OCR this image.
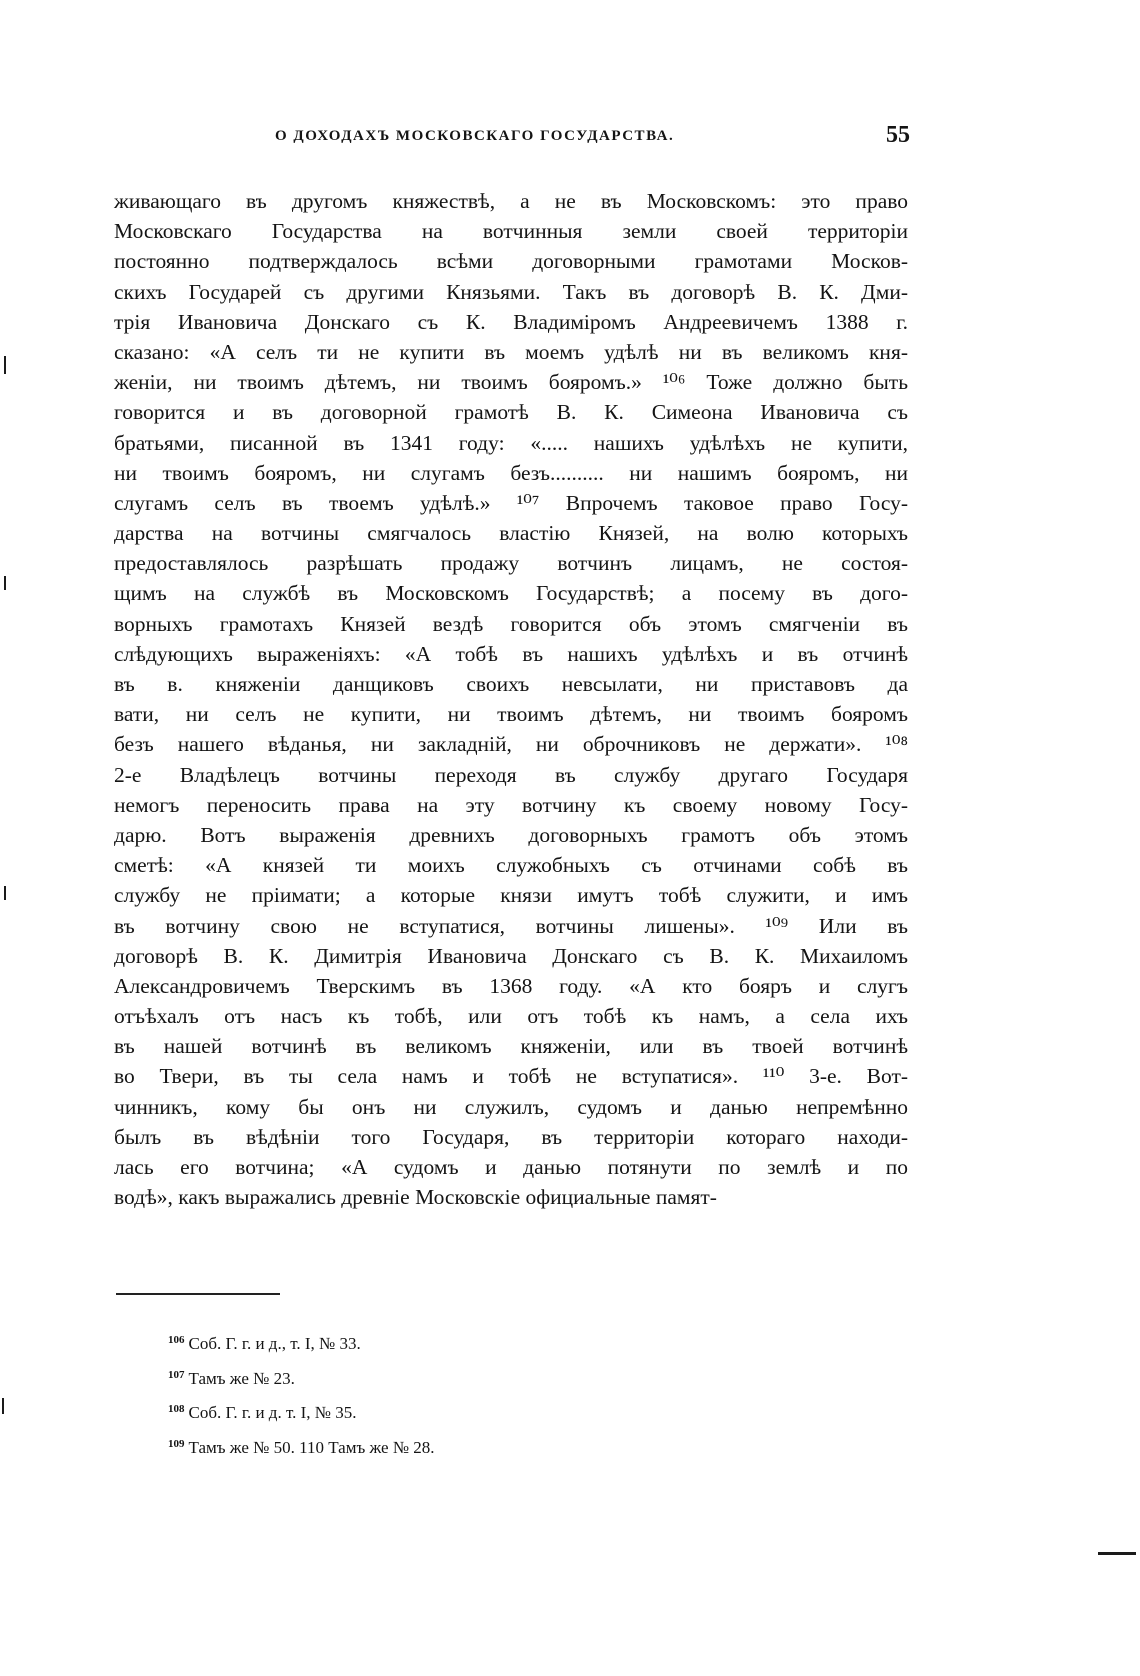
О ДОХОДАХЪ МОСКОВСКАГО ГОСУДАРСТВА.	55
живающаго въ другомъ княжествѣ, а не въ Московскомъ: это право
Московскаго Государства на вотчинныя земли своей территоріи
постоянно подтверждалось всѣми договорными грамотами Москов-
скихъ Государей съ другими Князьями. Такъ въ договорѣ В. К. Дми-
трія Ивановича Донскаго съ К. Владиміромъ Андреевичемъ 1388 г.
сказано: «А селъ ти не купити въ моемъ удѣлѣ ни въ великомъ кня-
женіи, ни твоимъ дѣтемъ, ни твоимъ бояромъ.» ¹⁰⁶ Тоже должно быть
говорится и въ договорной грамотѣ В. К. Симеона Ивановича съ
братьями, писанной въ 1341 году: «..... нашихъ удѣлѣхъ не купити,
ни твоимъ бояромъ, ни слугамъ безъ.......... ни нашимъ бояромъ, ни
слугамъ селъ въ твоемъ удѣлѣ.» ¹⁰⁷ Впрочемъ таковое право Госу-
дарства на вотчины смягчалось властію Князей, на волю которыхъ
предоставлялось разрѣшать продажу вотчинъ лицамъ, не состоя-
щимъ на службѣ въ Московскомъ Государствѣ; а посему въ дого-
ворныхъ грамотахъ Князей вездѣ говорится объ этомъ смягченіи въ
слѣдующихъ выраженіяхъ: «А тобѣ въ нашихъ удѣлѣхъ и въ отчинѣ
въ в. княженіи данщиковъ своихъ невсылати, ни приставовъ да
вати, ни селъ не купити, ни твоимъ дѣтемъ, ни твоимъ бояромъ
безъ нашего вѣданья, ни закладній, ни оброчниковъ не держати». ¹⁰⁸
2-е Владѣлецъ вотчины переходя въ службу другаго Государя
немогъ переносить права на эту вотчину къ своему новому Госу-
дарю. Вотъ выраженія древнихъ договорныхъ грамотъ объ этомъ
сметѣ: «А князей ти моихъ служобныхъ съ отчинами собѣ въ
службу не пріимати; а которые князи имутъ тобѣ служити, и имъ
въ вотчину свою не вступатися, вотчины лишены». ¹⁰⁹ Или въ
договорѣ В. К. Димитрія Ивановича Донскаго съ В. К. Михаиломъ
Александровичемъ Тверскимъ въ 1368 году. «А кто бояръ и слугъ
отъѣхалъ отъ насъ къ тобѣ, или отъ тобѣ къ намъ, а села ихъ
въ нашей вотчинѣ въ великомъ княженіи, или въ твоей вотчинѣ
во Твери, въ ты села намъ и тобѣ не вступатися». ¹¹⁰ 3-е. Вот-
чинникъ, кому бы онъ ни служилъ, судомъ и данью непремѣнно
былъ въ вѣдѣніи того Государя, въ территоріи котораго находи-
лась его вотчина; «А судомъ и данью потянути по землѣ и по
водѣ», какъ выражались древніе Московскіе официальные памят-
$^{106}$ Соб. Г. г. и д., т. I, № 33.
$^{107}$ Тамъ же № 23.
$^{108}$ Соб. Г. г. и д. т. I, № 35.
$^{109}$ Тамъ же № 50. 110 Тамъ же № 28.
